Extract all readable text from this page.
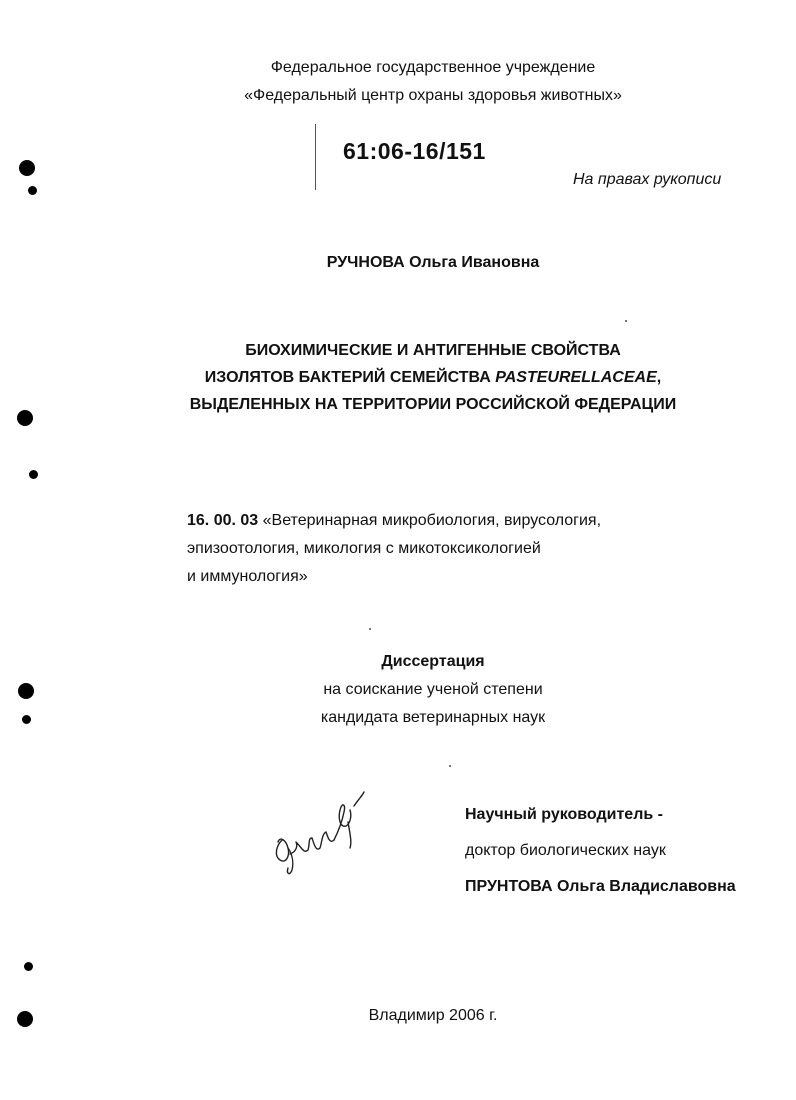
Федеральное государственное учреждение
«Федеральный центр охраны здоровья животных»
61:06-16/151
На правах рукописи
РУЧНОВА Ольга Ивановна
БИОХИМИЧЕСКИЕ И АНТИГЕННЫЕ СВОЙСТВА
ИЗОЛЯТОВ БАКТЕРИЙ СЕМЕЙСТВА PASTEURELLACEAE,
ВЫДЕЛЕННЫХ НА ТЕРРИТОРИИ РОССИЙСКОЙ ФЕДЕРАЦИИ
16. 00. 03 «Ветеринарная микробиология, вирусология,
эпизоотология, микология с микотоксикологией
и иммунология»
Диссертация
на соискание ученой степени
кандидата ветеринарных наук
Научный руководитель -
доктор биологических наук
ПРУНТОВА Ольга Владиславовна
Владимир 2006 г.
